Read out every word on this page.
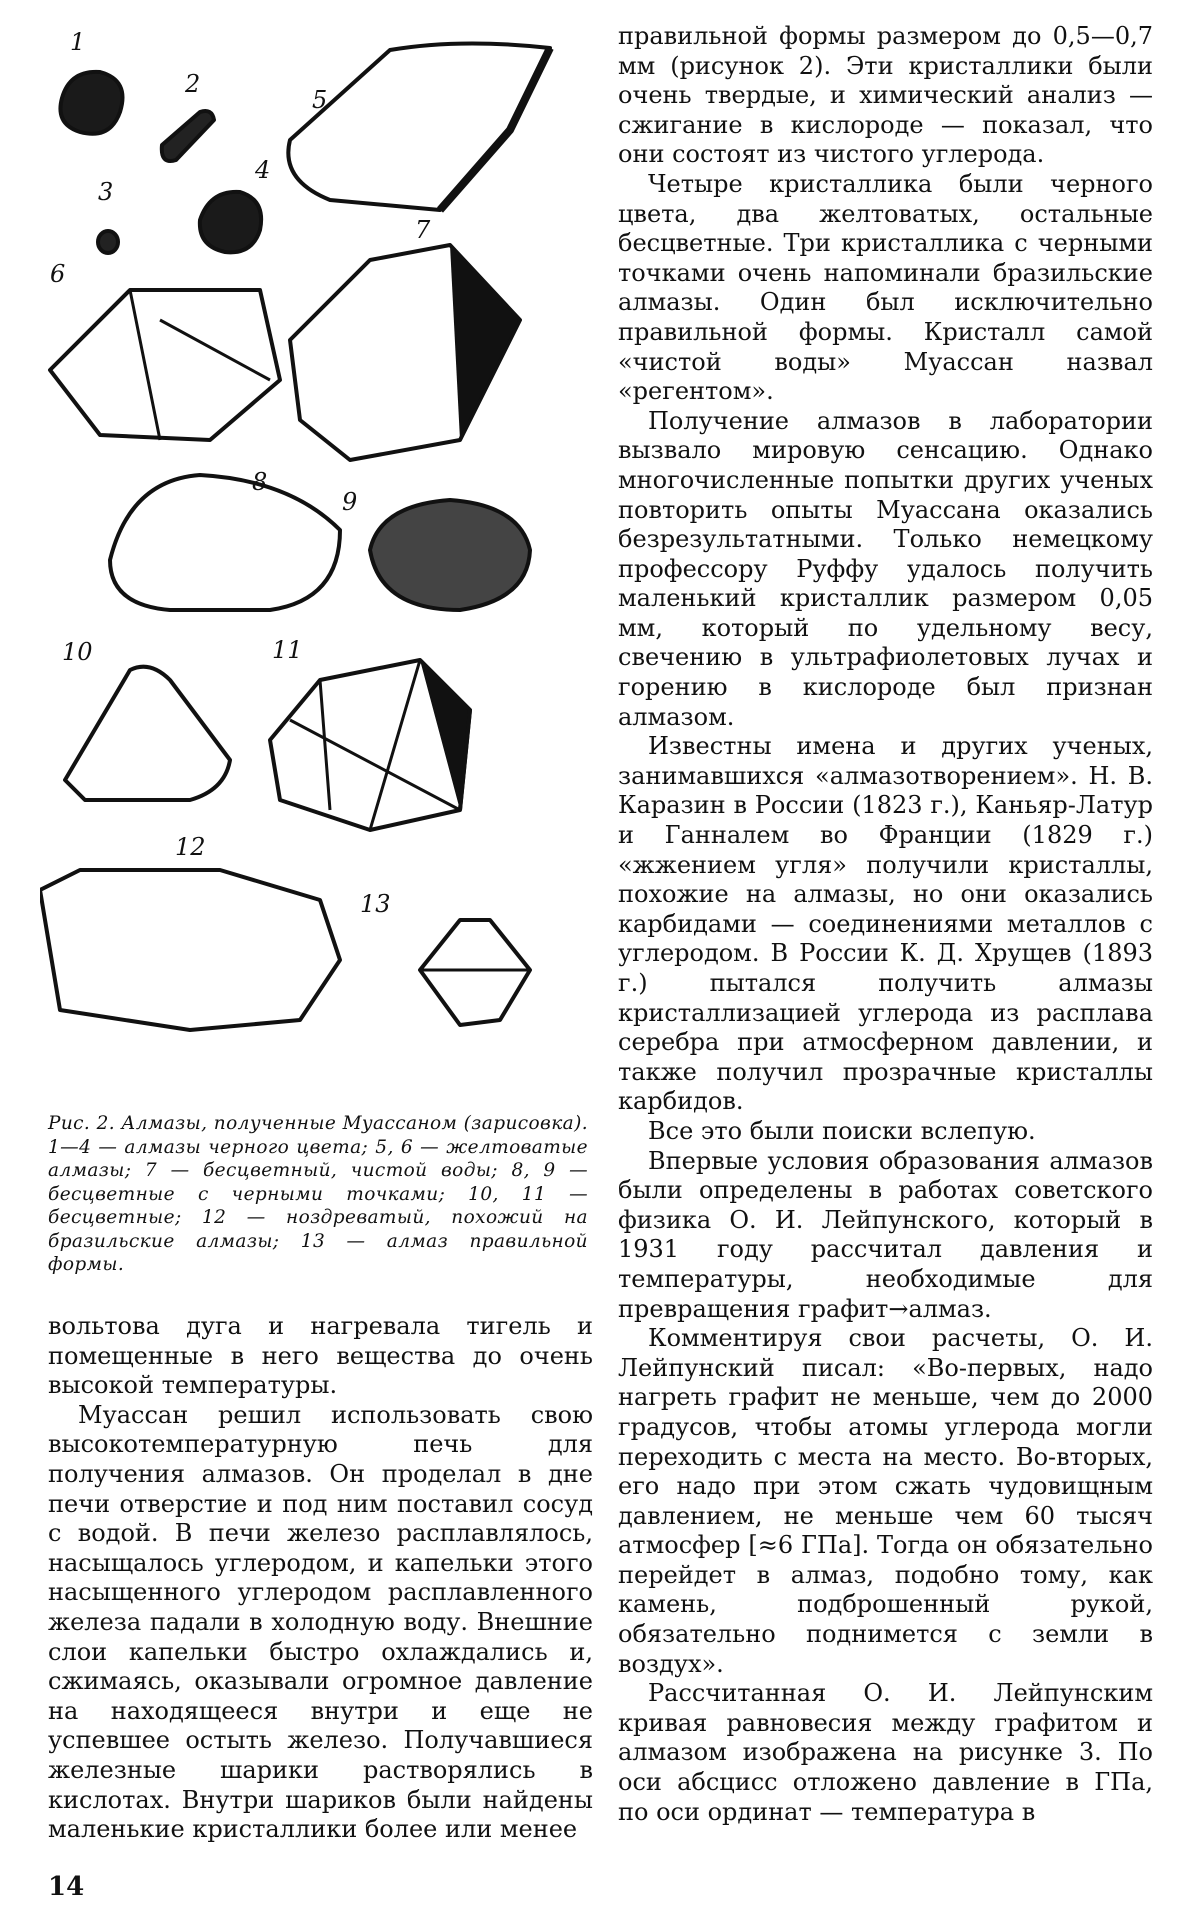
1
2
3
4
5
6
7
8
9
10	11
12
13

Рис. 2. Алмазы, полученные Муассаном (зарисовка). 1—4 — алмазы черного цвета; 5, 6 — желтоватые алмазы; 7 — бесцветный, чистой воды; 8, 9 — бесцветные с черными точками; 10, 11 — бесцветные; 12 — ноздреватый, похожий на бразильские алмазы; 13 — алмаз правильной формы.

вольтова дуга и нагревала тигель и помещенные в него вещества до очень высокой температуры.

Муассан решил использовать свою высокотемпературную печь для получения алмазов. Он проделал в дне печи отверстие и под ним поставил сосуд с водой. В печи железо расплавлялось, насыщалось углеродом, и капельки этого насыщенного углеродом расплавленного железа падали в холодную воду. Внешние слои капельки быстро охлаждались и, сжимаясь, оказывали огромное давление на находящееся внутри и еще не успевшее остыть железо. Получавшиеся железные шарики растворялись в кислотах. Внутри шариков были найдены маленькие кристаллики более или менее

правильной формы размером до 0,5—0,7 мм (рисунок 2). Эти кристаллики были очень твердые, и химический анализ — сжигание в кислороде — показал, что они состоят из чистого углерода.

Четыре кристаллика были черного цвета, два желтоватых, остальные бесцветные. Три кристаллика с черными точками очень напоминали бразильские алмазы. Один был исключительно правильной формы. Кристалл самой «чистой воды» Муассан назвал «регентом».

Получение алмазов в лаборатории вызвало мировую сенсацию. Однако многочисленные попытки других ученых повторить опыты Муассана оказались безрезультатными. Только немецкому профессору Руффу удалось получить маленький кристаллик размером 0,05 мм, который по удельному весу, свечению в ультрафиолетовых лучах и горению в кислороде был признан алмазом.

Известны имена и других ученых, занимавшихся «алмазотворением». Н. В. Каразин в России (1823 г.), Каньяр-Латур и Ганналем во Франции (1829 г.) «жжением угля» получили кристаллы, похожие на алмазы, но они оказались карбидами — соединениями металлов с углеродом. В России К. Д. Хрущев (1893 г.) пытался получить алмазы кристаллизацией углерода из расплава серебра при атмосферном давлении, и также получил прозрачные кристаллы карбидов.

Все это были поиски вслепую.

Впервые условия образования алмазов были определены в работах советского физика О. И. Лейпунского, который в 1931 году рассчитал давления и температуры, необходимые для превращения графит→алмаз.

Комментируя свои расчеты, О. И. Лейпунский писал: «Во-первых, надо нагреть графит не меньше, чем до 2000 градусов, чтобы атомы углерода могли переходить с места на место. Во-вторых, его надо при этом сжать чудовищным давлением, не меньше чем 60 тысяч атмосфер [≈6 ГПа]. Тогда он обязательно перейдет в алмаз, подобно тому, как камень, подброшенный рукой, обязательно поднимется с земли в воздух».

Рассчитанная О. И. Лейпунским кривая равновесия между графитом и алмазом изображена на рисунке 3. По оси абсцисс отложено давление в ГПа, по оси ординат — температура в

14
